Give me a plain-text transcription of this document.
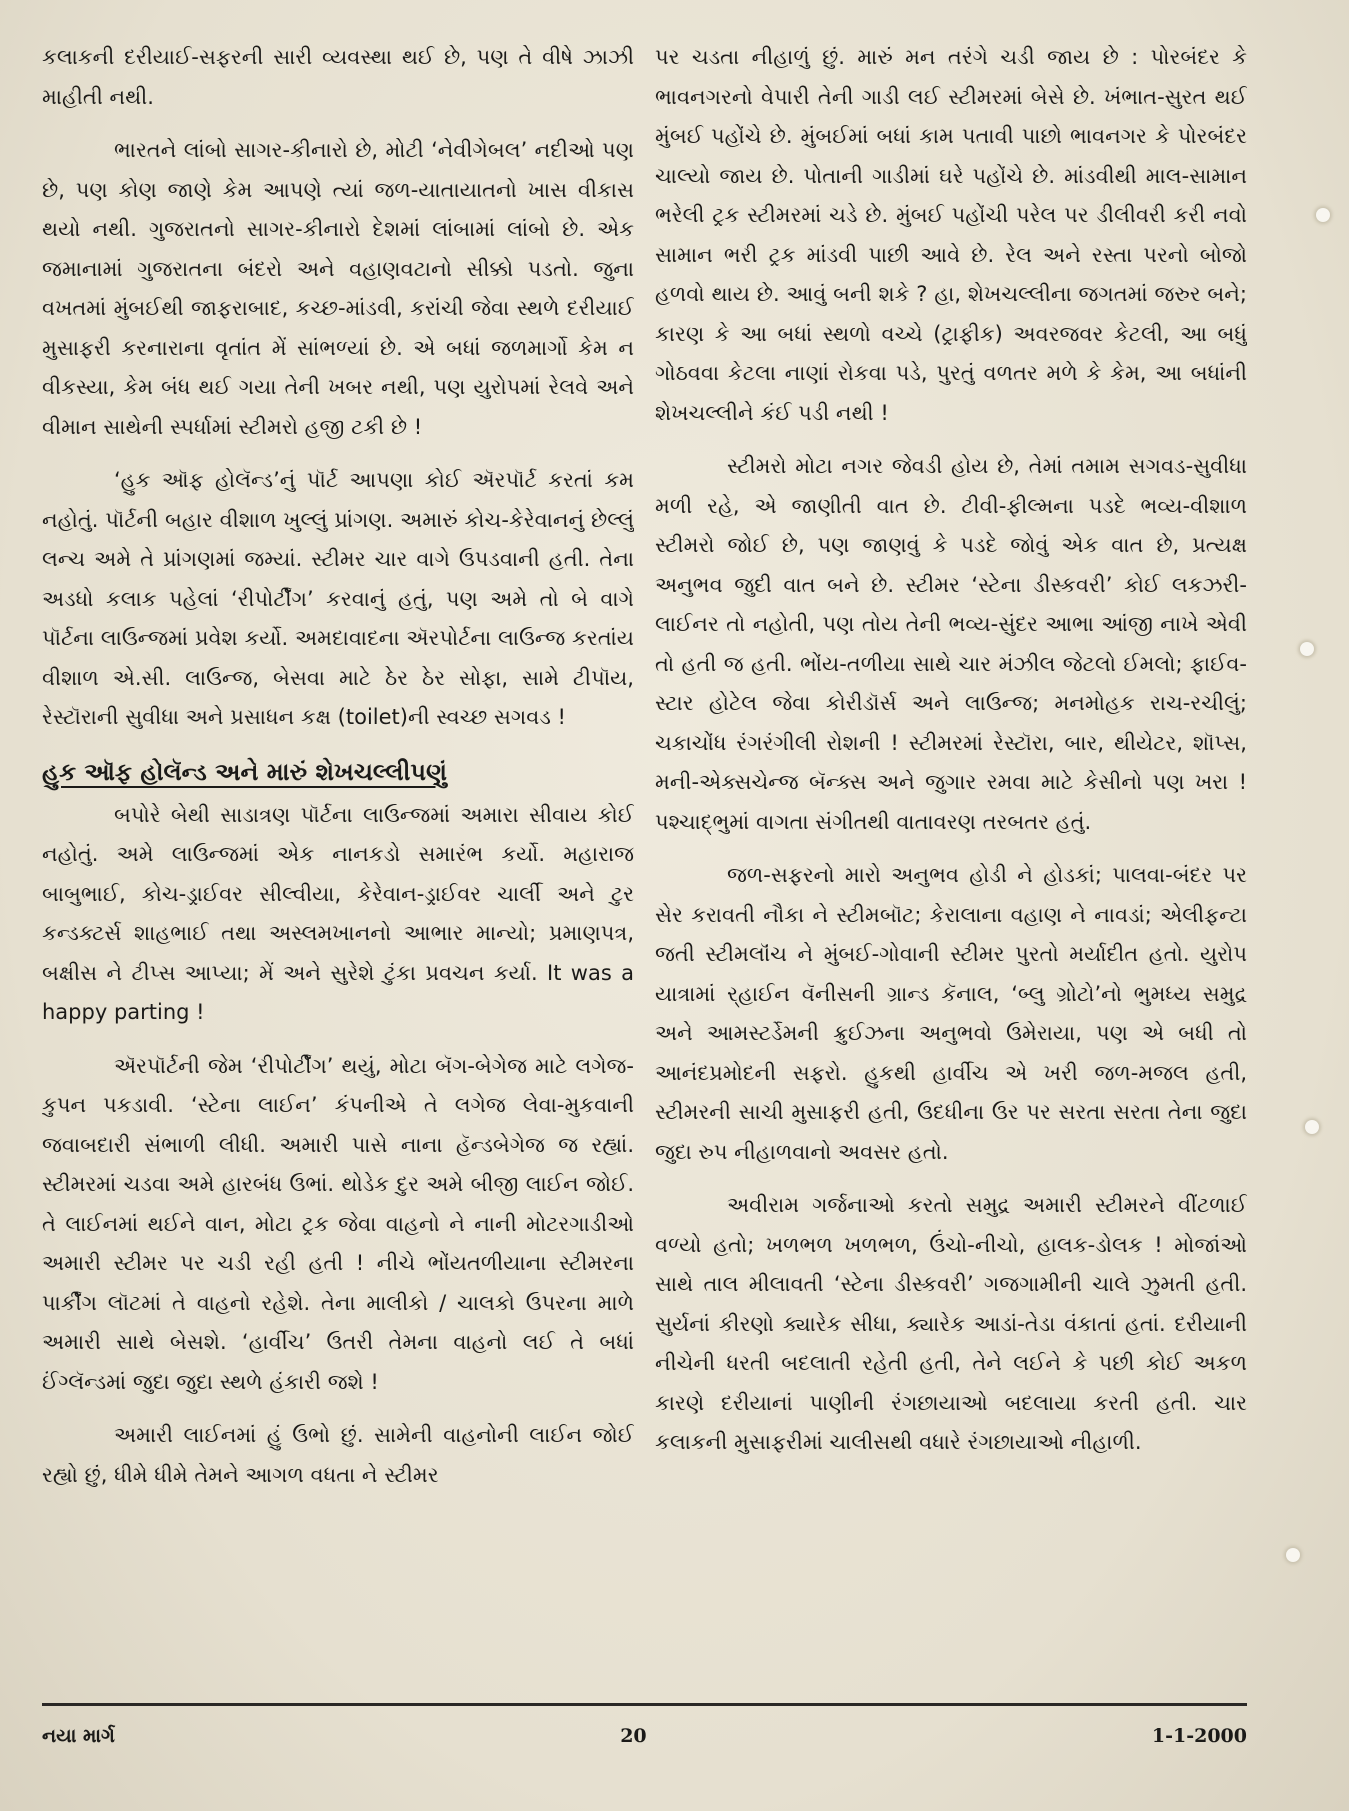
કલાકની દરીયાઈ-સફરની સારી વ્યવસ્થા થઈ છે, પણ તે વીષે ઝાઝી માહીતી નથી.

ભારતને લાંબો સાગર-કીનારો છે, મોટી ‘નેવીગેબલ’ નદીઓ પણ છે, પણ કોણ જાણે કેમ આપણે ત્યાં જળ-યાતાયાતનો ખાસ વીકાસ થયો નથી. ગુજરાતનો સાગર-કીનારો દેશમાં લાંબામાં લાંબો છે. એક જમાનામાં ગુજરાતના બંદરો અને વહાણવટાનો સીક્કો પડતો. જુના વખતમાં મુંબઈથી જાફરાબાદ, કચ્છ-માંડવી, કરાંચી જેવા સ્થળે દરીયાઈ મુસાફરી કરનારાના વૃતાંત મેં સાંભળ્યાં છે. એ બધાં જળમાર્ગો કેમ ન વીકસ્યા, કેમ બંધ થઈ ગયા તેની ખબર નથી, પણ યુરોપમાં રેલવે અને વીમાન સાથેની સ્પર્ધામાં સ્ટીમરો હજી ટકી છે !

‘હુક ઑફ હોલૅન્ડ’નું પૉર્ટ આપણા કોઈ ઍરપૉર્ટ કરતાં કમ નહોતું. પૉર્ટની બહાર વીશાળ ખુલ્લું પ્રાંગણ. અમારું કોચ-કેરેવાનનું છેલ્લું લન્ચ અમે તે પ્રાંગણમાં જમ્યાં. સ્ટીમર ચાર વાગે ઉપડવાની હતી. તેના અડધો કલાક પહેલાં ‘રીપોર્ટીંગ’ કરવાનું હતું, પણ અમે તો બે વાગે પૉર્ટના લાઉન્જમાં પ્રવેશ કર્યો. અમદાવાદના ઍરપોર્ટના લાઉન્જ કરતાંય વીશાળ એ.સી. લાઉન્જ, બેસવા માટે ઠેર ઠેર સોફા, સામે ટીપૉય, રેસ્ટૉરાની સુવીધા અને પ્રસાધન કક્ષ (toilet)ની સ્વચ્છ સગવડ !

હુક ઑફ હોલૅન્ડ અને મારું શેખચલ્લીપણું

બપોરે બેથી સાડાત્રણ પૉર્ટના લાઉન્જમાં અમારા સીવાય કોઈ નહોતું. અમે લાઉન્જમાં એક નાનકડો સમારંભ કર્યો. મહારાજ બાબુભાઈ, કોચ-ડ્રાઈવર સીલ્વીયા, કેરેવાન-ડ્રાઈવર ચાર્લી અને ટુર કન્ડક્ટર્સ શાહભાઈ તથા અસ્લમખાનનો આભાર માન્યો; પ્રમાણપત્ર, બક્ષીસ ને ટીપ્સ આપ્યા; મેં અને સુરેશે ટુંકા પ્રવચન કર્યા. It was a happy parting !

ઍરપૉર્ટની જેમ ‘રીપોર્ટીંગ’ થયું, મોટા બૅગ-બેગેજ માટે લગેજ-કુપન પકડાવી. ‘સ્ટેના લાઈન’ કંપનીએ તે લગેજ લેવા-મુકવાની જવાબદારી સંભાળી લીધી. અમારી પાસે નાના હૅન્ડબેગેજ જ રહ્યાં. સ્ટીમરમાં ચડવા અમે હારબંધ ઉભાં. થોડેક દુર અમે બીજી લાઈન જોઈ. તે લાઈનમાં થઈને વાન, મોટા ટ્રક જેવા વાહનો ને નાની મોટરગાડીઓ અમારી સ્ટીમર પર ચડી રહી હતી ! નીચે ભોંયતળીયાના સ્ટીમરના પાર્કીંગ લૉટમાં તે વાહનો રહેશે. તેના માલીકો / ચાલકો ઉપરના માળે અમારી સાથે બેસશે. ‘હાર્વીચ’ ઉતરી તેમના વાહનો લઈ તે બધાં ઈંગ્લૅન્ડમાં જુદા જુદા સ્થળે હંકારી જશે !

અમારી લાઈનમાં હું ઉભો છું. સામેની વાહનોની લાઈન જોઈ રહ્યો છું, ધીમે ધીમે તેમને આગળ વધતા ને સ્ટીમર

પર ચડતા નીહાળું છું. મારું મન તરંગે ચડી જાય છે : પોરબંદર કે ભાવનગરનો વેપારી તેની ગાડી લઈ સ્ટીમરમાં બેસે છે. ખંભાત-સુરત થઈ મુંબઈ પહોંચે છે. મુંબઈમાં બધાં કામ પતાવી પાછો ભાવનગર કે પોરબંદર ચાલ્યો જાય છે. પોતાની ગાડીમાં ઘરે પહોંચે છે. માંડવીથી માલ-સામાન ભરેલી ટ્રક સ્ટીમરમાં ચડે છે. મુંબઈ પહોંચી પરેલ પર ડીલીવરી કરી નવો સામાન ભરી ટ્રક માંડવી પાછી આવે છે. રેલ અને રસ્તા પરનો બોજો હળવો થાય છે. આવું બની શકે ? હા, શેખચલ્લીના જગતમાં જરુર બને; કારણ કે આ બધાં સ્થળો વચ્ચે (ટ્રાફીક) અવરજવર કેટલી, આ બધું ગોઠવવા કેટલા નાણાં રોકવા પડે, પુરતું વળતર મળે કે કેમ, આ બધાંની શેખચલ્લીને કંઈ પડી નથી !

સ્ટીમરો મોટા નગર જેવડી હોય છે, તેમાં તમામ સગવડ-સુવીધા મળી રહે, એ જાણીતી વાત છે. ટીવી-ફીલ્મના પડદે ભવ્ય-વીશાળ સ્ટીમરો જોઈ છે, પણ જાણવું કે પડદે જોવું એક વાત છે, પ્રત્યક્ષ અનુભવ જુદી વાત બને છે. સ્ટીમર ‘સ્ટેના ડીસ્કવરી’ કોઈ લકઝરી-લાઈનર તો નહોતી, પણ તોય તેની ભવ્ય-સુંદર આભા આંજી નાખે એવી તો હતી જ હતી. ભોંય-તળીયા સાથે ચાર મંઝીલ જેટલો ઈમલો; ફાઈવ-સ્ટાર હોટેલ જેવા કોરીડૉર્સ અને લાઉન્જ; મનમોહક રાચ-રચીલું; ચકાચોંધ રંગરંગીલી રોશની ! સ્ટીમરમાં રેસ્ટૉરા, બાર, થીયેટર, શૉપ્સ, મની-એક્સચેન્જ બૅન્ક્સ અને જુગાર રમવા માટે કેસીનો પણ ખરા ! પશ્ચાદ્ભુમાં વાગતા સંગીતથી વાતાવરણ તરબતર હતું.

જળ-સફરનો મારો અનુભવ હોડી ને હોડકાં; પાલવા-બંદર પર સેર કરાવતી નૌકા ને સ્ટીમબૉટ; કેરાલાના વહાણ ને નાવડાં; એલીફન્ટા જતી સ્ટીમલૉંચ ને મુંબઈ-ગોવાની સ્ટીમર પુરતો મર્યાદીત હતો. યુરોપ યાત્રામાં ર્‌હાઈન વૅનીસની ગ્રાન્ડ કૅનાલ, ‘બ્લુ ગ્રોટો’નો ભુમધ્ય સમુદ્ર અને આમસ્ટર્ડેમની ક્રુઈઝના અનુભવો ઉમેરાયા, પણ એ બધી તો આનંદપ્રમોદની સફરો. હુકથી હાર્વીચ એ ખરી જળ-મજલ હતી, સ્ટીમરની સાચી મુસાફરી હતી, ઉદધીના ઉર પર સરતા સરતા તેના જુદા જુદા રુપ નીહાળવાનો અવસર હતો.

અવીરામ ગર્જનાઓ કરતો સમુદ્ર અમારી સ્ટીમરને વીંટળાઈ વળ્યો હતો; ખળભળ ખળભળ, ઉંચો-નીચો, હાલક-ડોલક ! મોજાંઓ સાથે તાલ મીલાવતી ‘સ્ટેના ડીસ્કવરી’ ગજગામીની ચાલે ઝુમતી હતી. સુર્યનાં કીરણો ક્યારેક સીધા, ક્યારેક આડાં-તેડા વંકાતાં હતાં. દરીયાની નીચેની ધરતી બદલાતી રહેતી હતી, તેને લઈને કે પછી કોઈ અકળ કારણે દરીયાનાં પાણીની રંગછાયાઓ બદલાયા કરતી હતી. ચાર કલાકની મુસાફરીમાં ચાલીસથી વધારે રંગછાયાઓ નીહાળી.

નયા માર્ગ	20	1-1-2000
